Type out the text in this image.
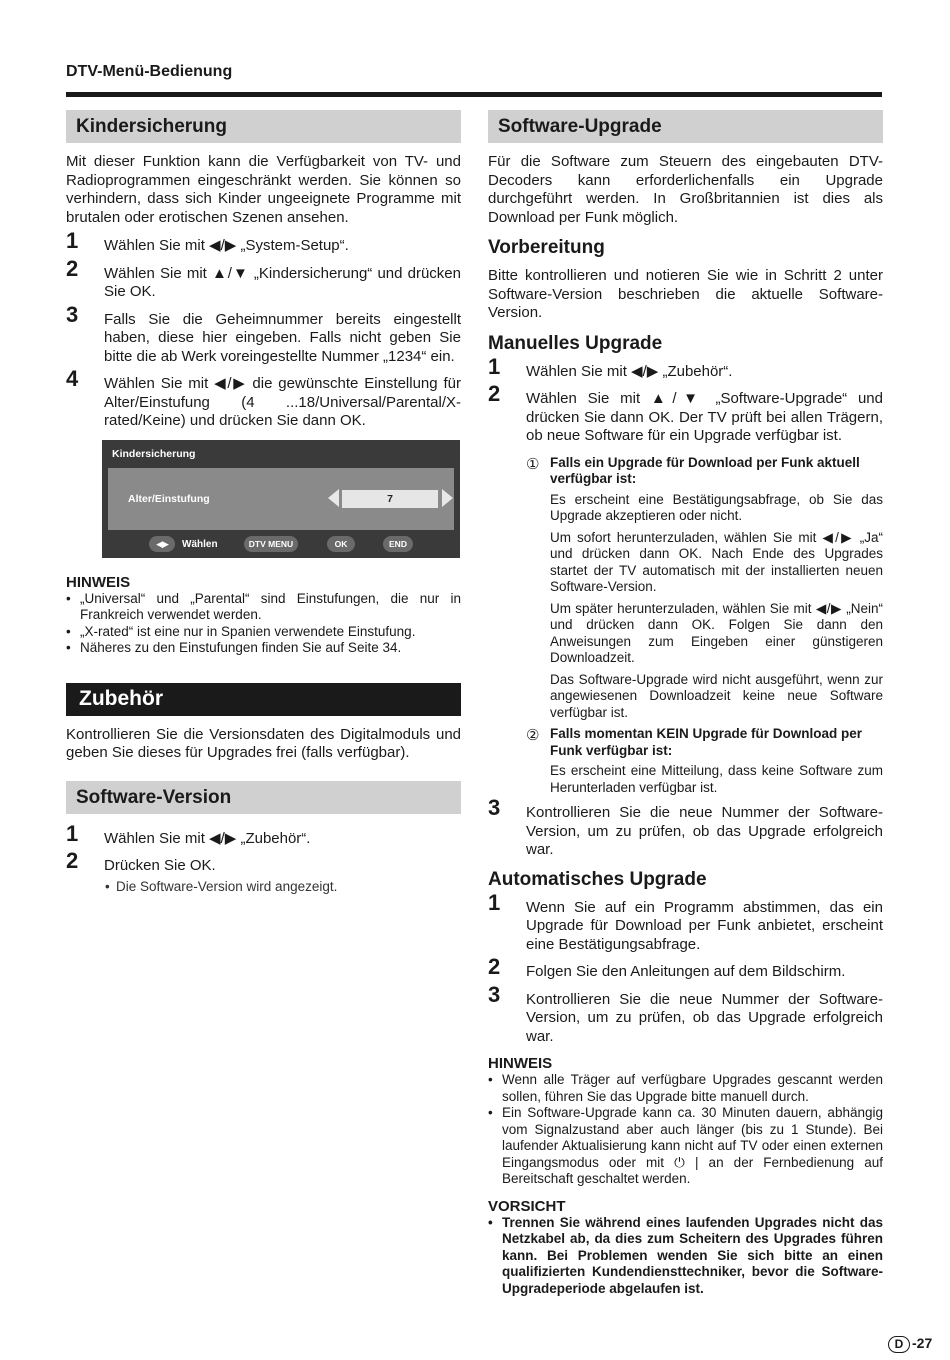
DTV-Menü-Bedienung
Kindersicherung

Mit dieser Funktion kann die Verfügbarkeit von TV- und Radioprogrammen eingeschränkt werden. Sie können so verhindern, dass sich Kinder ungeeignete Programme mit brutalen oder erotischen Szenen ansehen.

1 Wählen Sie mit ◀/▶ „System-Setup“.
2 Wählen Sie mit ▲/▼ „Kindersicherung“ und drücken Sie OK.
3 Falls Sie die Geheimnummer bereits eingestellt haben, diese hier eingeben. Falls nicht geben Sie bitte die ab Werk voreingestellte Nummer „1234“ ein.
4 Wählen Sie mit ◀/▶ die gewünschte Einstellung für Alter/Einstufung (4 ...18/Universal/Parental/X-rated/Keine) und drücken Sie dann OK.
Kindersicherung
Alter/Einstufung	7
◀▶	Wählen	DTV MENU	OK	END
HINWEIS
• „Universal“ und „Parental“ sind Einstufungen, die nur in Frankreich verwendet werden.
• „X-rated“ ist eine nur in Spanien verwendete Einstufung.
• Näheres zu den Einstufungen finden Sie auf Seite 34.
Zubehör

Kontrollieren Sie die Versionsdaten des Digitalmoduls und geben Sie dieses für Upgrades frei (falls verfügbar).

Software-Version
1 Wählen Sie mit ◀/▶ „Zubehör“.
2 Drücken Sie OK.
• Die Software-Version wird angezeigt.
Software-Upgrade

Für die Software zum Steuern des eingebauten DTV-Decoders kann erforderlichenfalls ein Upgrade durchgeführt werden. In Großbritannien ist dies als Download per Funk möglich.

Vorbereitung

Bitte kontrollieren und notieren Sie wie in Schritt 2 unter Software-Version beschrieben die aktuelle Software-Version.

Manuelles Upgrade
1 Wählen Sie mit ◀/▶ „Zubehör“.
2 Wählen Sie mit ▲/▼ „Software-Upgrade“ und drücken Sie dann OK. Der TV prüft bei allen Trägern, ob neue Software für ein Upgrade verfügbar ist.
① Falls ein Upgrade für Download per Funk aktuell verfügbar ist:
Es erscheint eine Bestätigungsabfrage, ob Sie das Upgrade akzeptieren oder nicht.
Um sofort herunterzuladen, wählen Sie mit ◀/▶ „Ja“ und drücken dann OK. Nach Ende des Upgrades startet der TV automatisch mit der installierten neuen Software-Version.
Um später herunterzuladen, wählen Sie mit ◀/▶ „Nein“ und drücken dann OK. Folgen Sie dann den Anweisungen zum Eingeben einer günstigeren Downloadzeit.
Das Software-Upgrade wird nicht ausgeführt, wenn zur angewiesenen Downloadzeit keine neue Software verfügbar ist.
② Falls momentan KEIN Upgrade für Download per Funk verfügbar ist:
Es erscheint eine Mitteilung, dass keine Software zum Herunterladen verfügbar ist.
3 Kontrollieren Sie die neue Nummer der Software-Version, um zu prüfen, ob das Upgrade erfolgreich war.
Automatisches Upgrade
1 Wenn Sie auf ein Programm abstimmen, das ein Upgrade für Download per Funk anbietet, erscheint eine Bestätigungsabfrage.
2 Folgen Sie den Anleitungen auf dem Bildschirm.
3 Kontrollieren Sie die neue Nummer der Software-Version, um zu prüfen, ob das Upgrade erfolgreich war.
HINWEIS
• Wenn alle Träger auf verfügbare Upgrades gescannt werden sollen, führen Sie das Upgrade bitte manuell durch.
• Ein Software-Upgrade kann ca. 30 Minuten dauern, abhängig vom Signalzustand aber auch länger (bis zu 1 Stunde). Bei laufender Aktualisierung kann nicht auf TV oder einen externen Eingangsmodus oder mit ⏻ | an der Fernbedienung auf Bereitschaft geschaltet werden.
VORSICHT
• Trennen Sie während eines laufenden Upgrades nicht das Netzkabel ab, da dies zum Scheitern des Upgrades führen kann. Bei Problemen wenden Sie sich bitte an einen qualifizierten Kundendiensttechniker, bevor die Software-Upgradeperiode abgelaufen ist.
D -27
